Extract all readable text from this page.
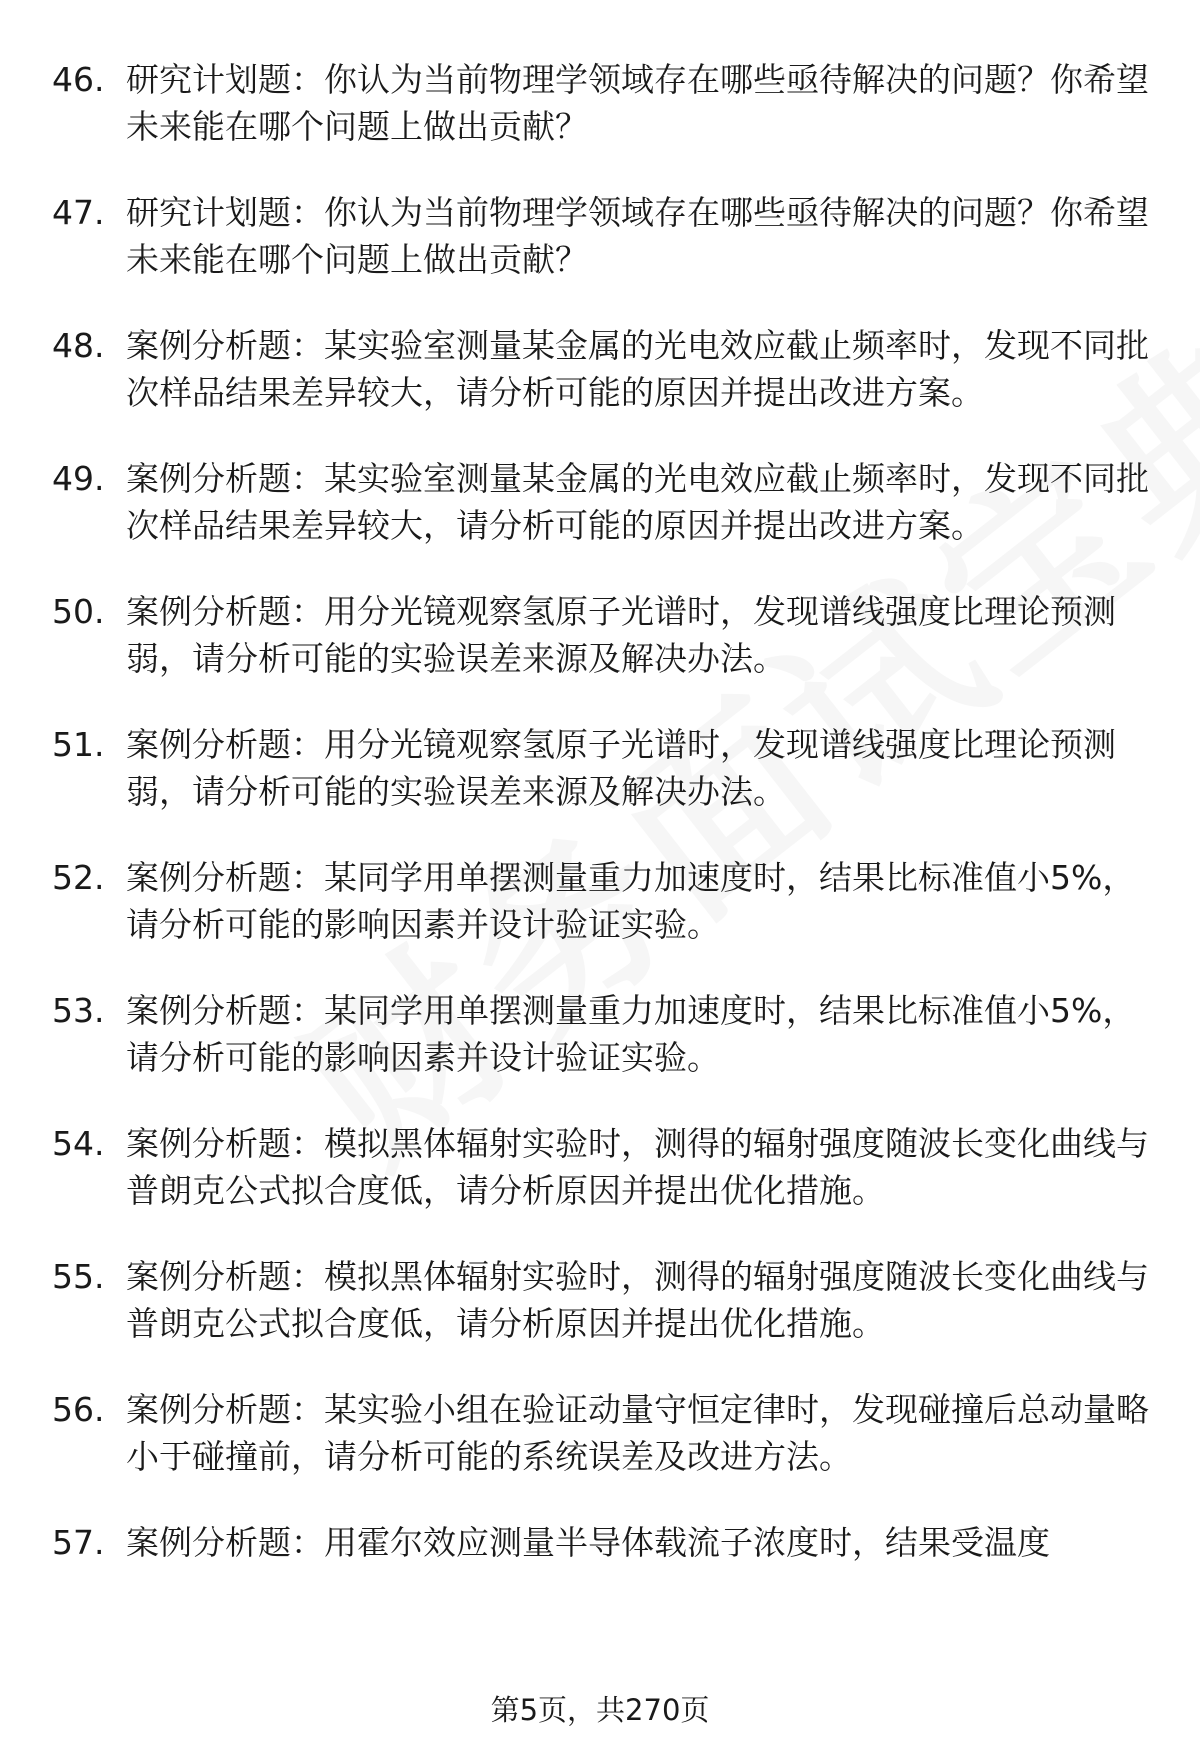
46. 研究计划题：你认为当前物理学领域存在哪些亟待解决的问题？你希望未来能在哪个问题上做出贡献？
47. 研究计划题：你认为当前物理学领域存在哪些亟待解决的问题？你希望未来能在哪个问题上做出贡献？
48. 案例分析题：某实验室测量某金属的光电效应截止频率时，发现不同批次样品结果差异较大，请分析可能的原因并提出改进方案。
49. 案例分析题：某实验室测量某金属的光电效应截止频率时，发现不同批次样品结果差异较大，请分析可能的原因并提出改进方案。
50. 案例分析题：用分光镜观察氢原子光谱时，发现谱线强度比理论预测弱，请分析可能的实验误差来源及解决办法。
51. 案例分析题：用分光镜观察氢原子光谱时，发现谱线强度比理论预测弱，请分析可能的实验误差来源及解决办法。
52. 案例分析题：某同学用单摆测量重力加速度时，结果比标准值小5%，请分析可能的影响因素并设计验证实验。
53. 案例分析题：某同学用单摆测量重力加速度时，结果比标准值小5%，请分析可能的影响因素并设计验证实验。
54. 案例分析题：模拟黑体辐射实验时，测得的辐射强度随波长变化曲线与普朗克公式拟合度低，请分析原因并提出优化措施。
55. 案例分析题：模拟黑体辐射实验时，测得的辐射强度随波长变化曲线与普朗克公式拟合度低，请分析原因并提出优化措施。
56. 案例分析题：某实验小组在验证动量守恒定律时，发现碰撞后总动量略小于碰撞前，请分析可能的系统误差及改进方法。
57. 案例分析题：用霍尔效应测量半导体载流子浓度时，结果受温度
第5页，共270页
